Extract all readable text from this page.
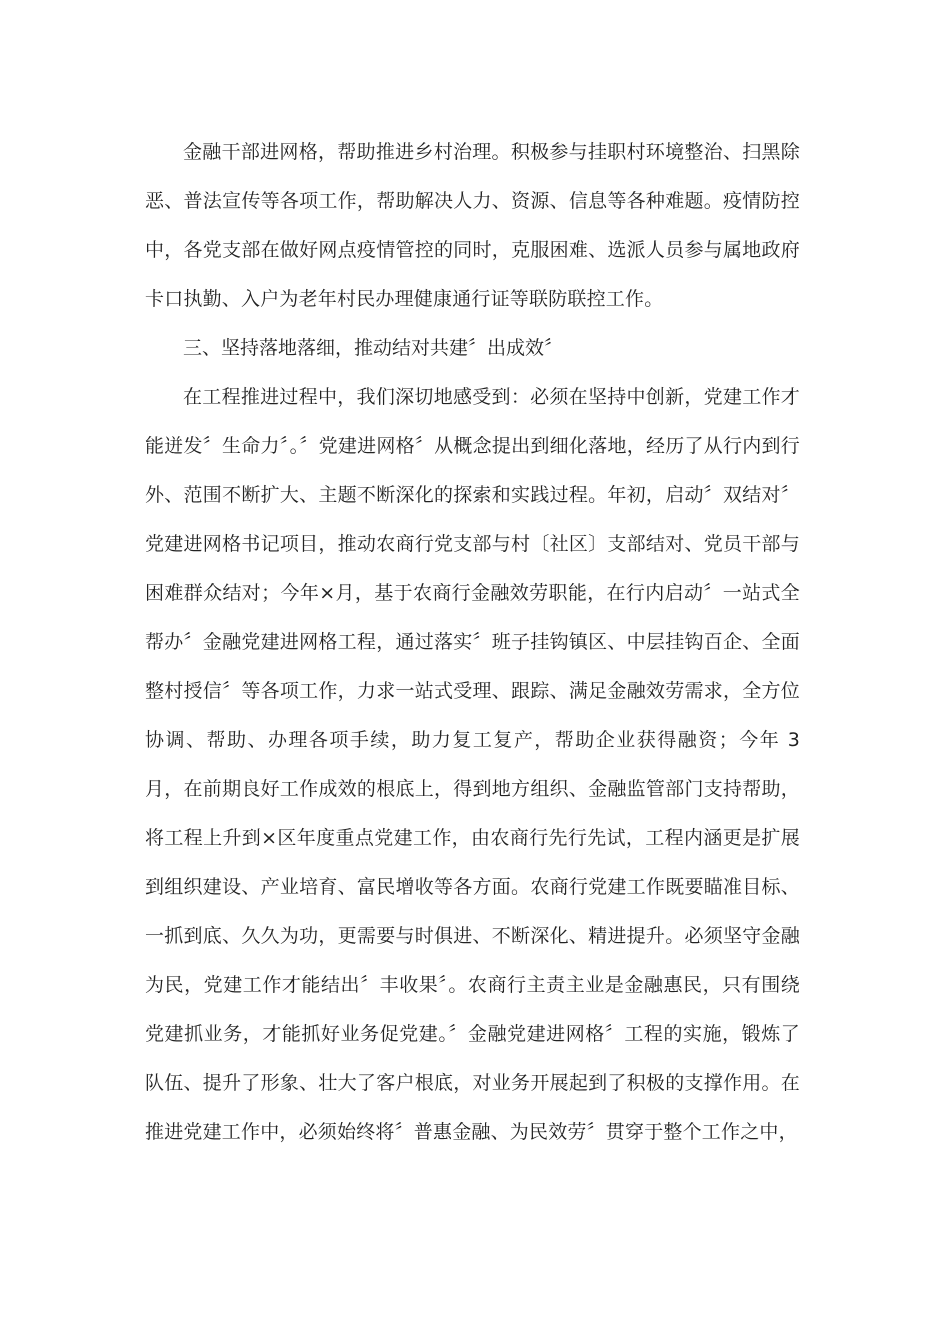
金融干部进网格，帮助推进乡村治理。积极参与挂职村环境整治、扫黑除恶、普法宣传等各项工作，帮助解决人力、资源、信息等各种难题。疫情防控中，各党支部在做好网点疫情管控的同时，克服困难、选派人员参与属地政府卡口执勤、入户为老年村民办理健康通行证等联防联控工作。

三、坚持落地落细，推动结对共建〞出成效〞

在工程推进过程中，我们深切地感受到：必须在坚持中创新，党建工作才能迸发〞生命力〞。〞党建进网格〞从概念提出到细化落地，经历了从行内到行外、范围不断扩大、主题不断深化的探索和实践过程。年初，启动〞双结对〞党建进网格书记项目，推动农商行党支部与村〔社区〕支部结对、党员干部与困难群众结对；今年×月，基于农商行金融效劳职能，在行内启动〞一站式全帮办〞金融党建进网格工程，通过落实〞班子挂钩镇区、中层挂钩百企、全面整村授信〞等各项工作，力求一站式受理、跟踪、满足金融效劳需求，全方位协调、帮助、办理各项手续，助力复工复产，帮助企业获得融资；今年 3 月，在前期良好工作成效的根底上，得到地方组织、金融监管部门支持帮助，将工程上升到×区年度重点党建工作，由农商行先行先试，工程内涵更是扩展到组织建设、产业培育、富民增收等各方面。农商行党建工作既要瞄准目标、一抓到底、久久为功，更需要与时俱进、不断深化、精进提升。必须坚守金融为民，党建工作才能结出〞丰收果〞。农商行主责主业是金融惠民，只有围绕党建抓业务，才能抓好业务促党建。〞金融党建进网格〞工程的实施，锻炼了队伍、提升了形象、壮大了客户根底，对业务开展起到了积极的支撑作用。在推进党建工作中，必须始终将〞普惠金融、为民效劳〞贯穿于整个工作之中，
